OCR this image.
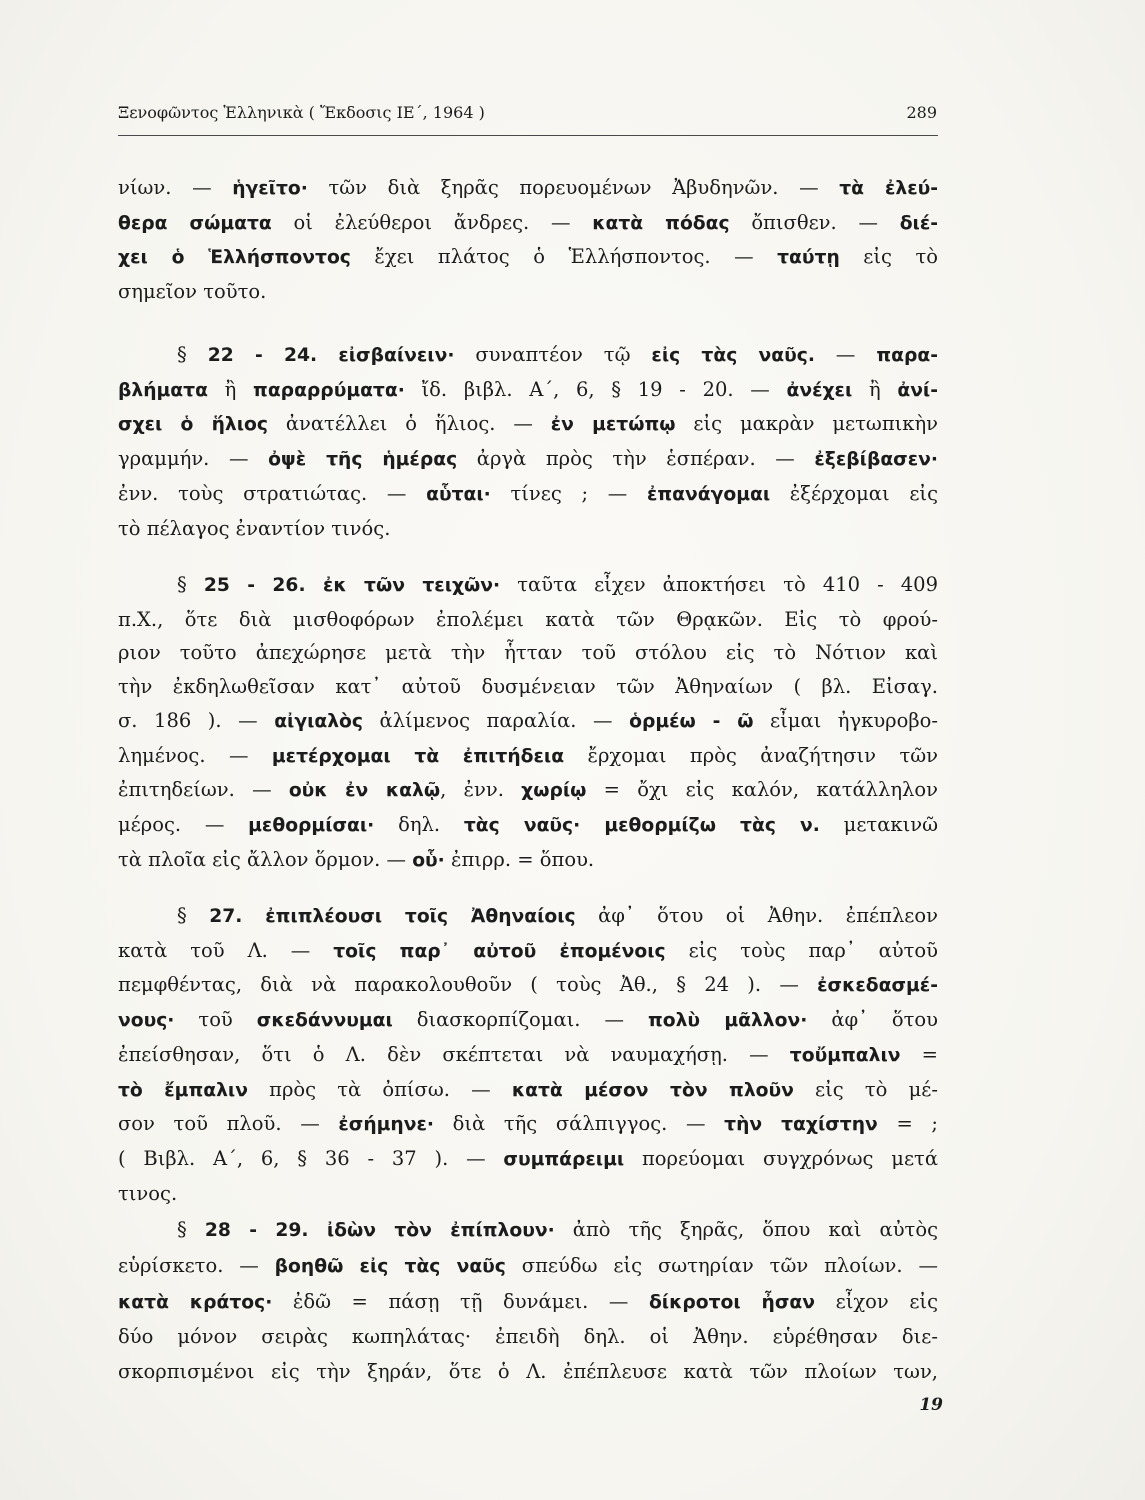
Ξενοφῶντος Ἑλληνικὰ ( Ἔκδοσις ΙΕ΄, 1964 )	289
νίων. — ἡγεῖτο· τῶν διὰ ξηρᾶς πορευομένων Ἀβυδηνῶν. — τὰ ἐλεύ-
θερα σώματα οἱ ἐλεύθεροι ἄνδρες. — κατὰ πόδας ὄπισθεν. — διέ-
χει ὁ Ἑλλήσποντος ἔχει πλάτος ὁ Ἑλλήσποντος. — ταύτῃ εἰς τὸ
σημεῖον τοῦτο.
§ 22 - 24. εἰσβαίνειν· συναπτέον τῷ εἰς τὰς ναῦς. — παρα-
βλήματα ἢ παραρρύματα· ἴδ. βιβλ. Α΄, 6, § 19 - 20. — ἀνέχει ἢ ἀνί-
σχει ὁ ἥλιος ἀνατέλλει ὁ ἥλιος. — ἐν μετώπῳ εἰς μακρὰν μετωπικὴν
γραμμήν. — ὀψὲ τῆς ἡμέρας ἀργὰ πρὸς τὴν ἑσπέραν. — ἐξεβίβασεν·
ἐνν. τοὺς στρατιώτας. — αὗται· τίνες ; — ἐπανάγομαι ἐξέρχομαι εἰς
τὸ πέλαγος ἐναντίον τινός.
§ 25 - 26. ἐκ τῶν τειχῶν· ταῦτα εἶχεν ἀποκτήσει τὸ 410 - 409
π.Χ., ὅτε διὰ μισθοφόρων ἐπολέμει κατὰ τῶν Θρᾳκῶν. Εἰς τὸ φρού-
ριον τοῦτο ἀπεχώρησε μετὰ τὴν ἧτταν τοῦ στόλου εἰς τὸ Νότιον καὶ
τὴν ἐκδηλωθεῖσαν κατ᾿ αὐτοῦ δυσμένειαν τῶν Ἀθηναίων ( βλ. Εἰσαγ.
σ. 186 ). — αἰγιαλὸς ἀλίμενος παραλία. — ὁρμέω - ῶ εἶμαι ἠγκυροβο-
λημένος. — μετέρχομαι τὰ ἐπιτήδεια ἔρχομαι πρὸς ἀναζήτησιν τῶν
ἐπιτηδείων. — οὐκ ἐν καλῷ, ἐνν. χωρίῳ = ὄχι εἰς καλόν, κατάλληλον
μέρος. — μεθορμίσαι· δηλ. τὰς ναῦς· μεθορμίζω τὰς ν. μετακινῶ
τὰ πλοῖα εἰς ἄλλον ὅρμον. — οὗ· ἐπιρρ. = ὅπου.
§ 27. ἐπιπλέουσι τοῖς Ἀθηναίοις ἀφ᾿ ὅτου οἱ Ἀθην. ἐπέπλεον
κατὰ τοῦ Λ. — τοῖς παρ᾿ αὐτοῦ ἐπομένοις εἰς τοὺς παρ᾿ αὐτοῦ
πεμφθέντας, διὰ νὰ παρακολουθοῦν ( τοὺς Ἀθ., § 24 ). — ἐσκεδασμέ-
νους· τοῦ σκεδάννυμαι διασκορπίζομαι. — πολὺ μᾶλλον· ἀφ᾿ ὅτου
ἐπείσθησαν, ὅτι ὁ Λ. δὲν σκέπτεται νὰ ναυμαχήσῃ. — τοὔμπαλιν =
τὸ ἔμπαλιν πρὸς τὰ ὀπίσω. — κατὰ μέσον τὸν πλοῦν εἰς τὸ μέ-
σον τοῦ πλοῦ. — ἐσήμηνε· διὰ τῆς σάλπιγγος. — τὴν ταχίστην = ;
( Βιβλ. Α΄, 6, § 36 - 37 ). — συμπάρειμι πορεύομαι συγχρόνως μετά
τινος.
§ 28 - 29. ἰδὼν τὸν ἐπίπλουν· ἀπὸ τῆς ξηρᾶς, ὅπου καὶ αὐτὸς
εὑρίσκετο. — βοηθῶ εἰς τὰς ναῦς σπεύδω εἰς σωτηρίαν τῶν πλοίων. —
κατὰ κράτος· ἐδῶ = πάσῃ τῇ δυνάμει. — δίκροτοι ἦσαν εἶχον εἰς
δύο μόνον σειρὰς κωπηλάτας· ἐπειδὴ δηλ. οἱ Ἀθην. εὑρέθησαν διε-
σκορπισμένοι εἰς τὴν ξηράν, ὅτε ὁ Λ. ἐπέπλευσε κατὰ τῶν πλοίων των,
19
